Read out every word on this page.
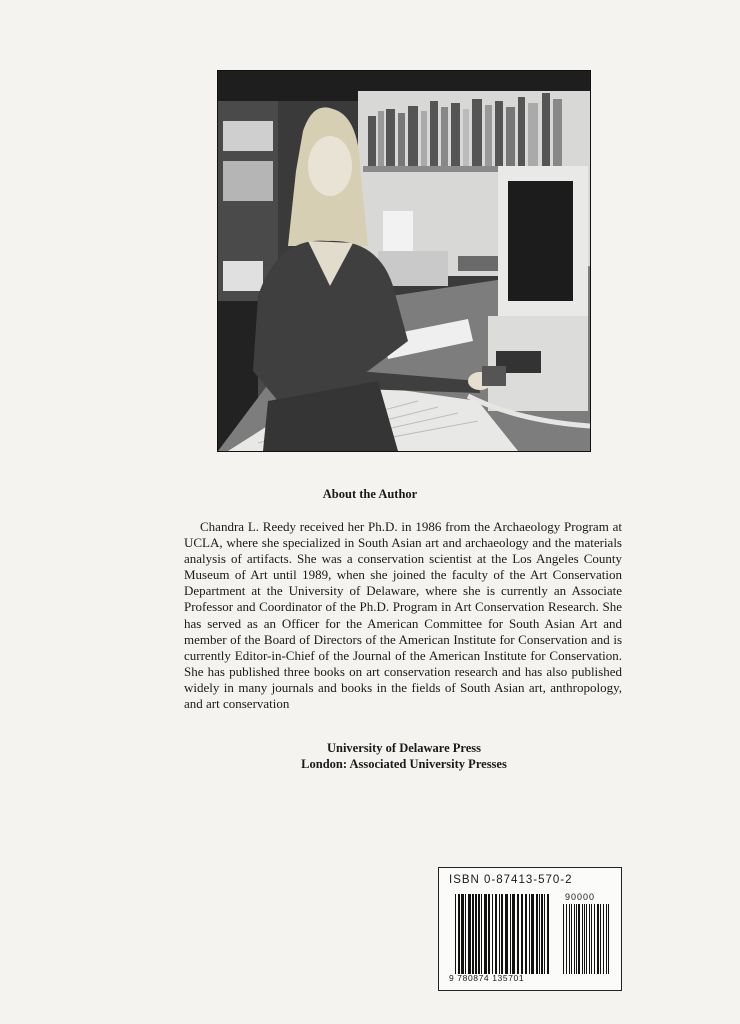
About the Author

Chandra L. Reedy received her Ph.D. in 1986 from the Archaeology Program at UCLA, where she specialized in South Asian art and archaeology and the materials analysis of artifacts. She was a conservation scientist at the Los Angeles County Museum of Art until 1989, when she joined the faculty of the Art Conservation Department at the University of Delaware, where she is currently an Associate Professor and Coordinator of the Ph.D. Program in Art Conservation Research. She has served as an Officer for the American Committee for South Asian Art and member of the Board of Directors of the American Institute for Conservation and is currently Editor-in-Chief of the Journal of the American Institute for Conservation. She has published three books on art conservation research and has also published widely in many journals and books in the fields of South Asian art, anthropology, and art conservation

University of Delaware Press
London: Associated University Presses
ISBN 0-87413-570-2
90000
9 780874 135701
